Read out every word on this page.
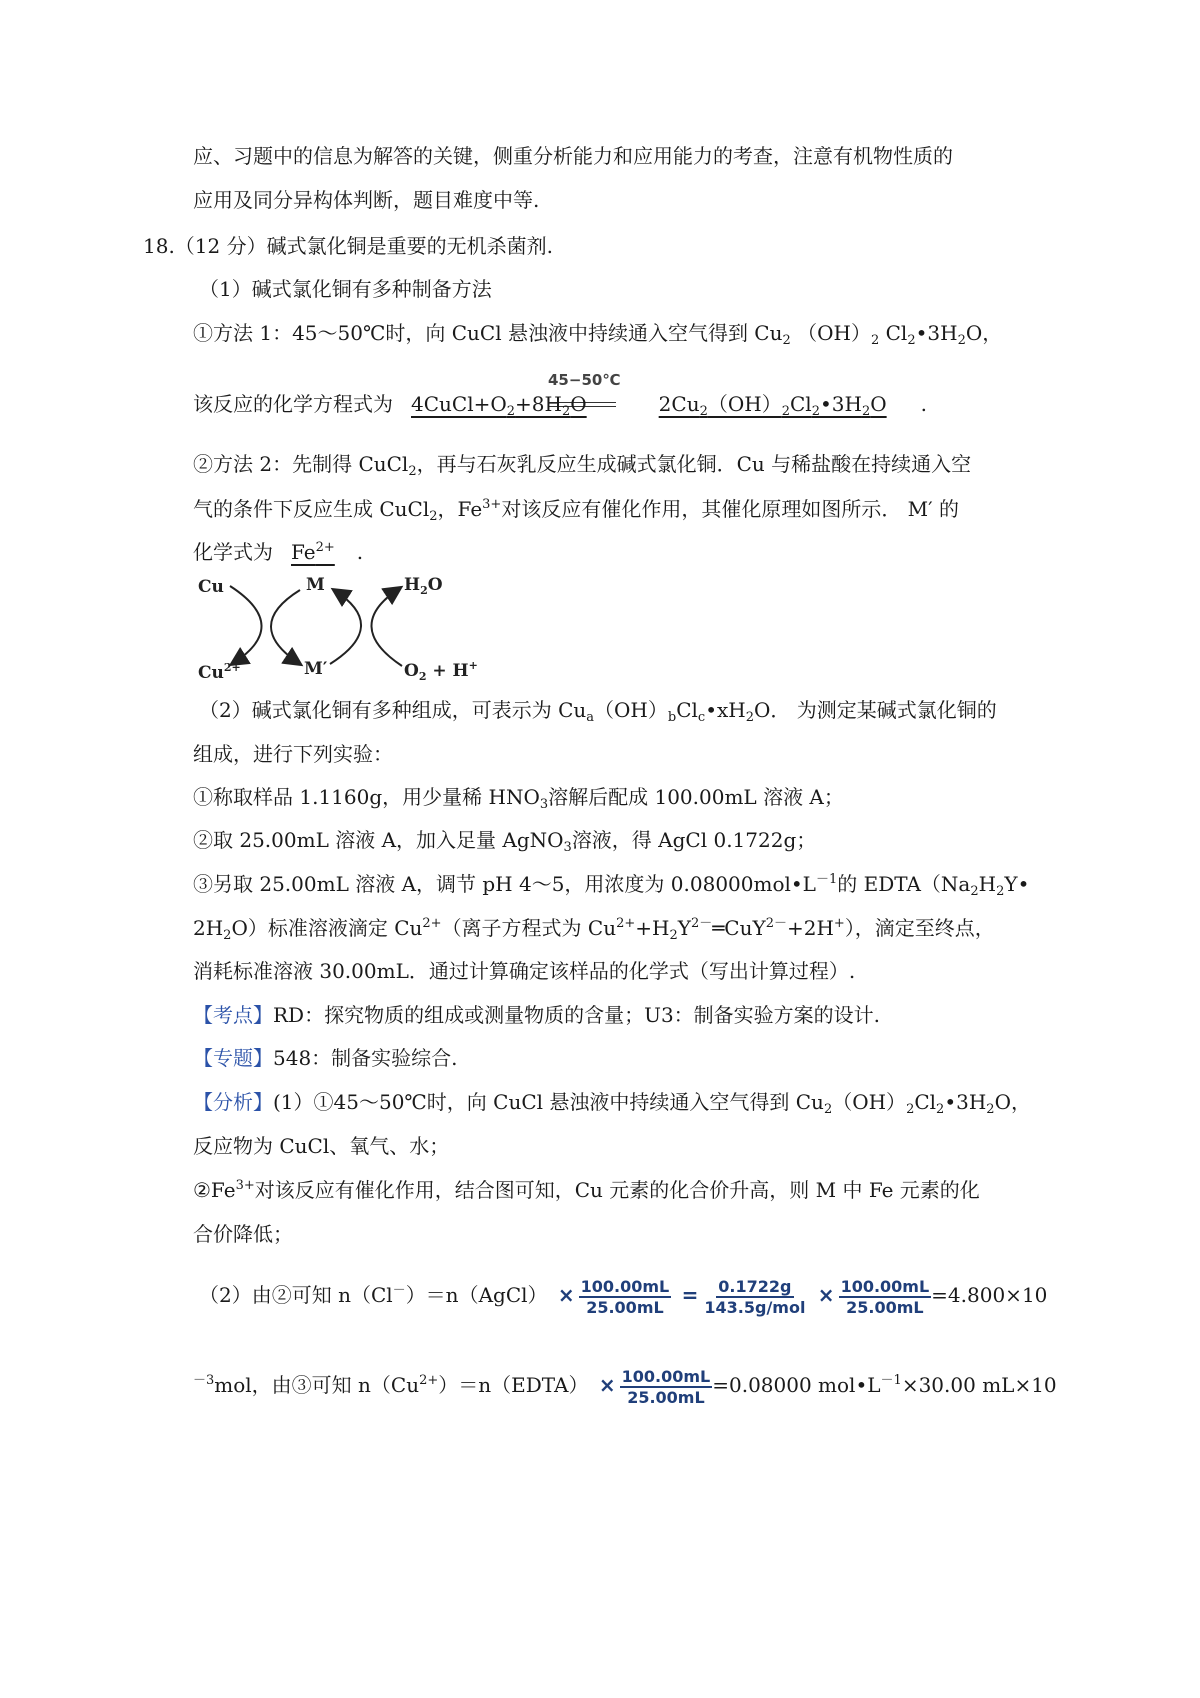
应、习题中的信息为解答的关键，侧重分析能力和应用能力的考查，注意有机物性质的
应用及同分异构体判断，题目难度中等.
18.（12 分）碱式氯化铜是重要的无机杀菌剂.
（1）碱式氯化铜有多种制备方法
①方法 1：45～50℃时，向 CuCl 悬浊液中持续通入空气得到 $Cu_2$ $(OH)_2$ $Cl_2•3H_2O$，
45−50℃
该反应的化学方程式为 $4CuCl+O_2+8H_2O$	$2Cu_2(OH)_2Cl_2•3H_2O$ .
②方法 2：先制得 CuCl$_2$，再与石灰乳反应生成碱式氯化铜．Cu 与稀盐酸在持续通入空
气的条件下反应生成 CuCl$_2$，$Fe^{3+}$对该反应有催化作用，其催化原理如图所示． M′ 的
化学式为 $Fe^{2+}$ .
Cu
$Cu^{2+}$
M
M′
$H_2O$
$O_2 + H^+$
（2）碱式氯化铜有多种组成，可表示为 $Cu_a(OH)_bCl_c•xH_2O$． 为测定某碱式氯化铜的
组成，进行下列实验：
①称取样品 1.1160g，用少量稀 $HNO_3$溶解后配成 100.00mL 溶液 A；
②取 25.00mL 溶液 A，加入足量 AgNO$_3$溶液，得 AgCl 0.1722g；
③另取 25.00mL 溶液 A，调节 pH 4～5，用浓度为 $0.08000mol•L^{-1}$的 $EDTA(Na_2H_2Y•$
$2H_2O$）标准溶液滴定 $Cu^{2+}$（离子方程式为 $Cu^{2+}+H_2Y^{2-}═CuY^{2-}+2H^+$），滴定至终点，
消耗标准溶液 30.00mL．通过计算确定该样品的化学式（写出计算过程）.
【考点】RD：探究物质的组成或测量物质的含量；U3：制备实验方案的设计.
【专题】548：制备实验综合.
【分析】(1）①45～50℃时，向 CuCl 悬浊液中持续通入空气得到 $Cu_2(OH)_2Cl_2•3H_2O$，
反应物为 CuCl、氧气、水；
$②Fe^{3+}$对该反应有催化作用，结合图可知，Cu 元素的化合价升高，则 M 中 Fe 元素的化
合价降低；
（2）由②可知 n（Cl－）＝n（AgCl） × $\frac{100.00mL}{25.00mL} = \frac{0.1722g}{\text{143.5g/mol}} \times \frac{100.00mL}{25.00mL} =4.800\times 10$
$^{-3}$mol，由③可知 $n(Cu^{2+})=n(EDTA) \times \frac{100.00mL}{25.00mL} =0.08000$ $mol•L^{-1}\times 30.00$ mL×10
